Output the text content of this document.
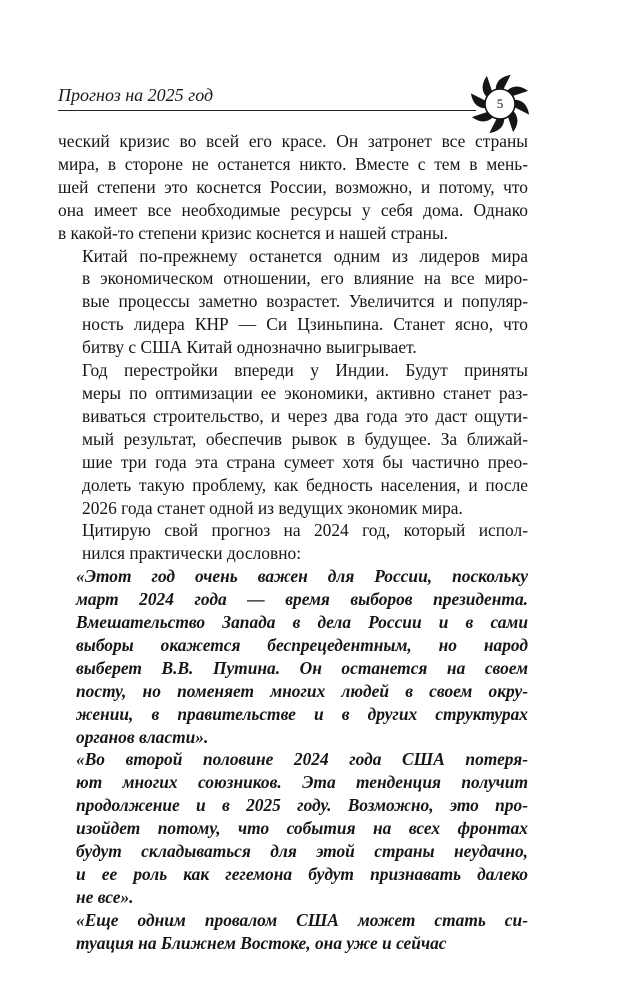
Прогноз на 2025 год	5

ческий кризис во всей его красе. Он затронет все страны
мира, в стороне не останется никто. Вместе с тем в мень-
шей степени это коснется России, возможно, и потому, что
она имеет все необходимые ресурсы у себя дома. Однако
в какой-то степени кризис коснется и нашей страны.

Китай по-прежнему останется одним из лидеров мира
в экономическом отношении, его влияние на все миро-
вые процессы заметно возрастет. Увеличится и популяр-
ность лидера КНР — Си Цзиньпина. Станет ясно, что
битву с США Китай однозначно выигрывает.

Год перестройки впереди у Индии. Будут приняты
меры по оптимизации ее экономики, активно станет раз-
виваться строительство, и через два года это даст ощути-
мый результат, обеспечив рывок в будущее. За ближай-
шие три года эта страна сумеет хотя бы частично прео-
долеть такую проблему, как бедность населения, и после
2026 года станет одной из ведущих экономик мира.

Цитирую свой прогноз на 2024 год, который испол-
нился практически дословно:

«Этот год очень важен для России, поскольку
март 2024 года — время выборов президента.
Вмешательство Запада в дела России и в сами
выборы окажется беспрецедентным, но народ
выберет В.В. Путина. Он останется на своем
посту, но поменяет многих людей в своем окру-
жении, в правительстве и в других структурах
органов власти».

«Во второй половине 2024 года США потеря-
ют многих союзников. Эта тенденция получит
продолжение и в 2025 году. Возможно, это про-
изойдет потому, что события на всех фронтах
будут складываться для этой страны неудачно,
и ее роль как гегемона будут признавать далеко
не все».

«Еще одним провалом США может стать си-
туация на Ближнем Востоке, она уже и сейчас
